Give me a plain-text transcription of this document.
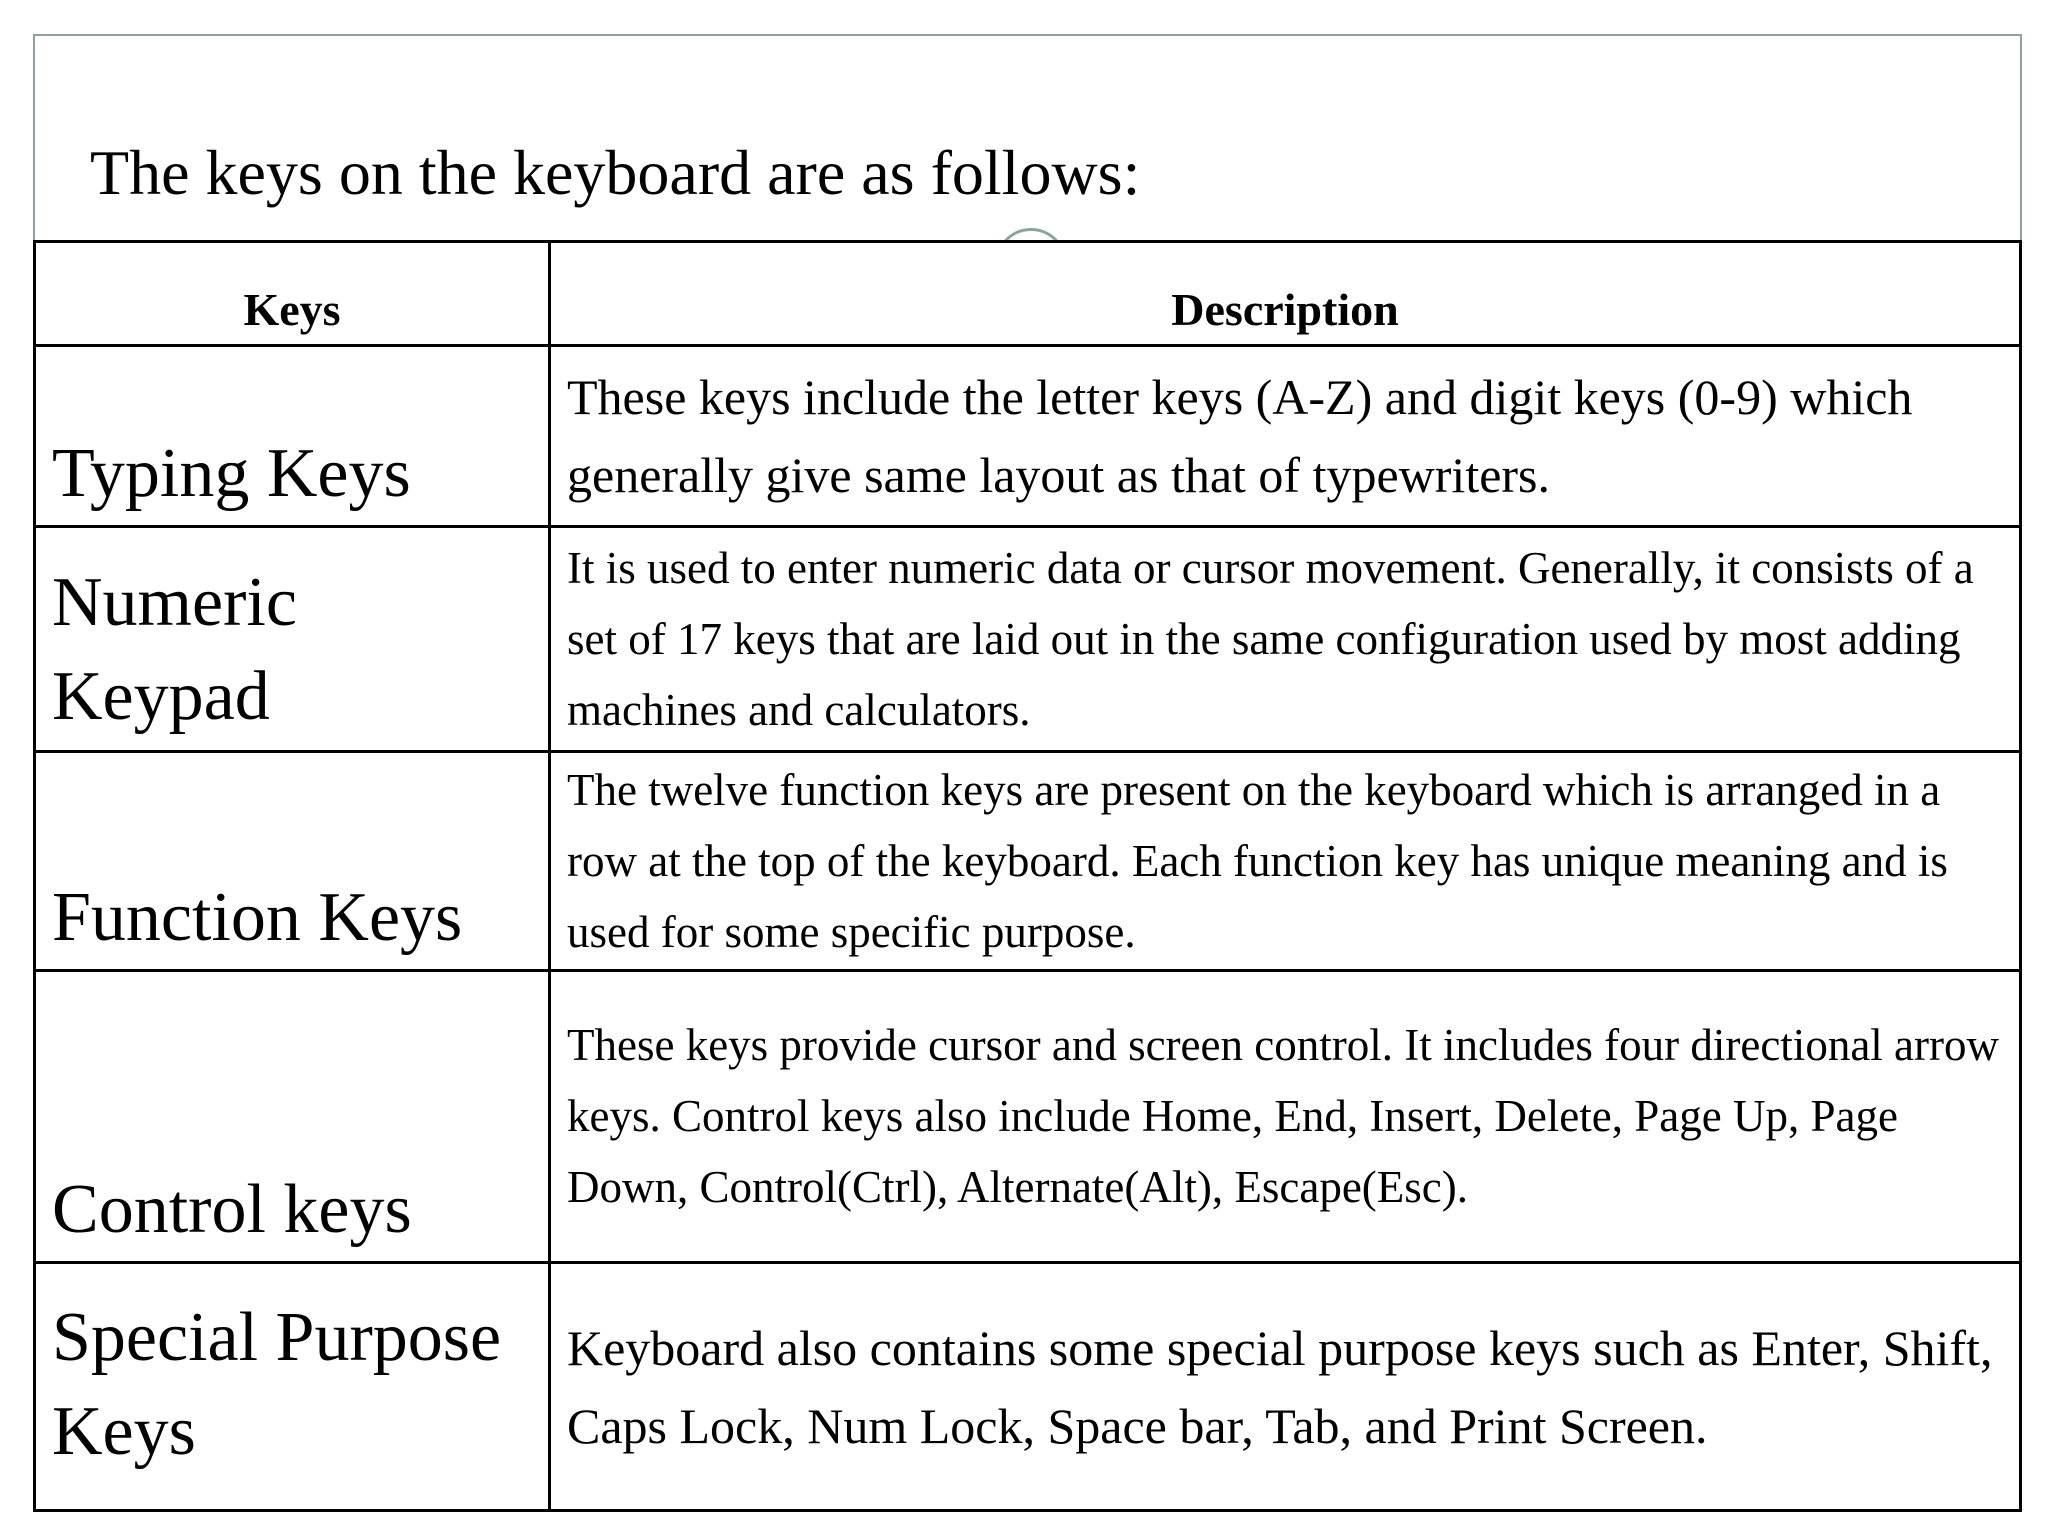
The keys on the keyboard are as follows:
Keys	Description
Typing Keys	These keys include the letter keys (A-Z) and digit keys (0-9) which generally give same layout as that of typewriters.
Numeric Keypad	It is used to enter numeric data or cursor movement. Generally, it consists of a set of 17 keys that are laid out in the same configuration used by most adding machines and calculators.
Function Keys	The twelve function keys are present on the keyboard which is arranged in a row at the top of the keyboard. Each function key has unique meaning and is used for some specific purpose.
Control keys	These keys provide cursor and screen control. It includes four directional arrow keys. Control keys also include Home, End, Insert, Delete, Page Up, Page Down, Control(Ctrl), Alternate(Alt), Escape(Esc).
Special Purpose Keys	Keyboard also contains some special purpose keys such as Enter, Shift, Caps Lock, Num Lock, Space bar, Tab, and Print Screen.
